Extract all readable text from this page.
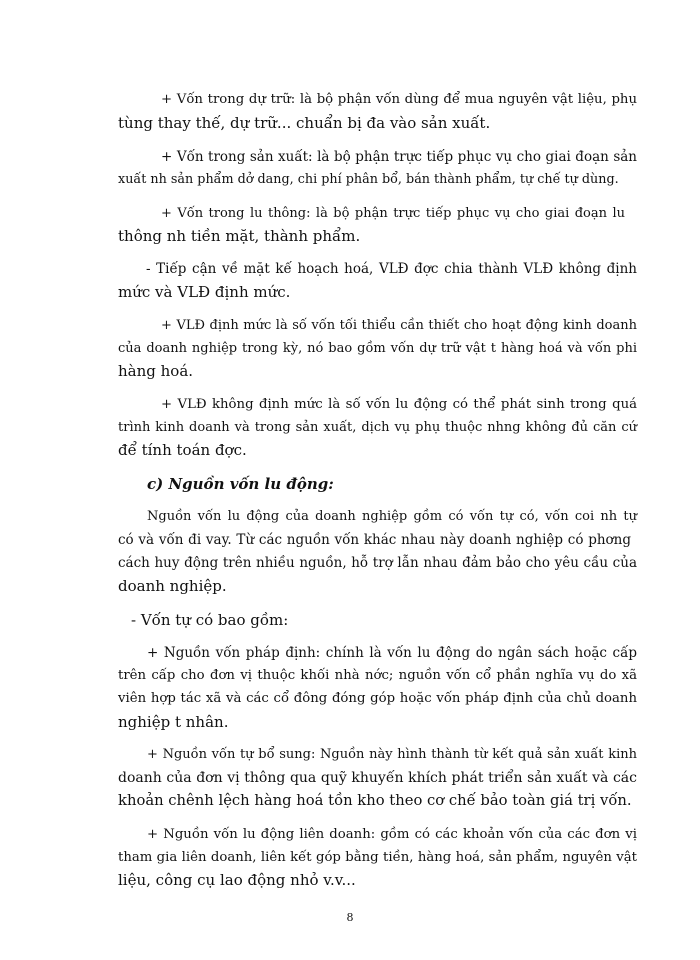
+ Vốn trong dự trữ: là bộ phận vốn dùng để mua nguyên vật liệu, phụ
tùng thay thế, dự trữ... chuẩn bị đa vào sản xuất.
+ Vốn trong sản xuất: là bộ phận trực tiếp phục vụ cho giai đoạn sản
xuất nh sản phẩm dở dang, chi phí phân bổ, bán thành phẩm, tự chế tự dùng.
+ Vốn trong lu thông: là bộ phận trực tiếp phục vụ cho giai đoạn lu
thông nh tiền mặt, thành phẩm.
- Tiếp cận về mặt kế hoạch hoá, VLĐ đợc chia thành VLĐ không định
mức và VLĐ định mức.
+ VLĐ định mức là số vốn tối thiểu cần thiết cho hoạt động kinh doanh
của doanh nghiệp trong kỳ, nó bao gồm vốn dự trữ vật t hàng hoá và vốn phi
hàng hoá.
+ VLĐ không định mức là số vốn lu động có thể phát sinh trong quá
trình kinh doanh và trong sản xuất, dịch vụ phụ thuộc nhng không đủ căn cứ
để tính toán đợc.
c) Nguồn vốn lu động:
Nguồn vốn lu động của doanh nghiệp gồm có vốn tự có, vốn coi nh tự
có và vốn đi vay. Từ các nguồn vốn khác nhau này doanh nghiệp có phơng
cách huy động trên nhiều nguồn, hỗ trợ lẫn nhau đảm bảo cho yêu cầu của
doanh nghiệp.
- Vốn tự có bao gồm:
+ Nguồn vốn pháp định: chính là vốn lu động do ngân sách hoặc cấp
trên cấp cho đơn vị thuộc khối nhà nớc; nguồn vốn cổ phần nghĩa vụ do xã
viên hợp tác xã và các cổ đông đóng góp hoặc vốn pháp định của chủ doanh
nghiệp t nhân.
+ Nguồn vốn tự bổ sung: Nguồn này hình thành từ kết quả sản xuất kinh
doanh của đơn vị thông qua quỹ khuyến khích phát triển sản xuất và các
khoản chênh lệch hàng hoá tồn kho theo cơ chế bảo toàn giá trị vốn.
+ Nguồn vốn lu động liên doanh: gồm có các khoản vốn của các đơn vị
tham gia liên doanh, liên kết góp bằng tiền, hàng hoá, sản phẩm, nguyên vật
liệu, công cụ lao động nhỏ v.v...
8
